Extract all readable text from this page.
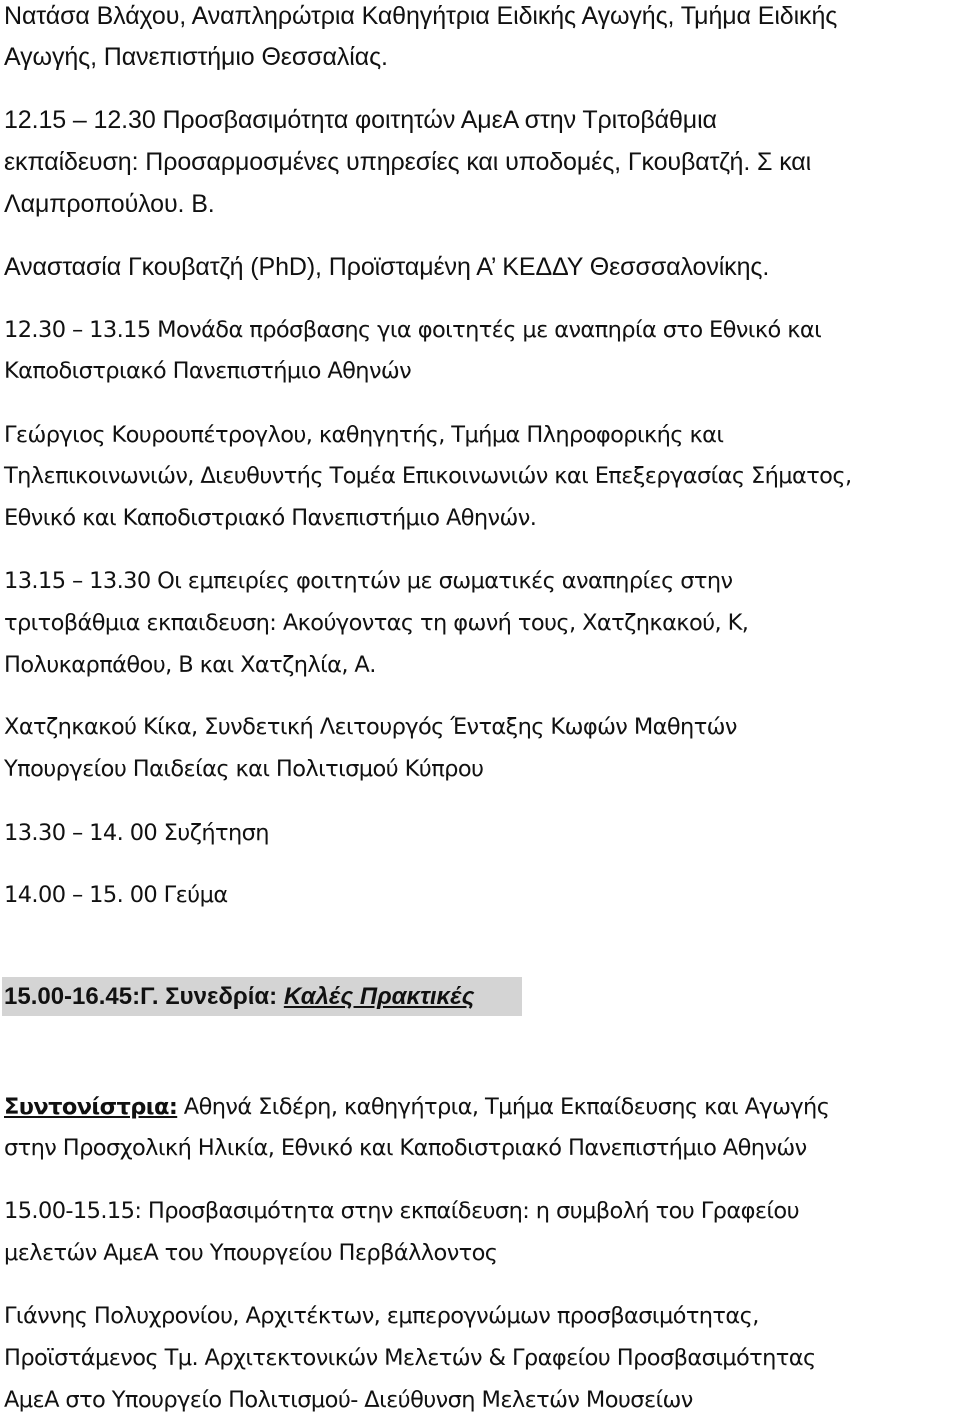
Νατάσα Βλάχου, Αναπληρώτρια Καθηγήτρια Ειδικής Αγωγής, Τμήμα Ειδικής
Αγωγής, Πανεπιστήμιο Θεσσαλίας.
12.15 – 12.30 Προσβασιμότητα φοιτητών ΑμεΑ στην Τριτοβάθμια
εκπαίδευση: Προσαρμοσμένες υπηρεσίες και υποδομές, Γκουβατζή. Σ και
Λαμπροπούλου. Β.
Αναστασία Γκουβατζή (PhD), Προϊσταμένη Α’ ΚΕΔΔΥ Θεσσσαλονίκης.
12.30 – 13.15 Μονάδα πρόσβασης για φοιτητές με αναπηρία στο Εθνικό και
Καποδιστριακό Πανεπιστήμιο Αθηνών
Γεώργιος Κουρουπέτρογλου, καθηγητής, Τμήμα Πληροφορικής και
Τηλεπικοινωνιών, Διευθυντής Τομέα Επικοινωνιών και Επεξεργασίας Σήματος,
Εθνικό και Καποδιστριακό Πανεπιστήμιο Αθηνών.
13.15 – 13.30 Οι εμπειρίες φοιτητών με σωματικές αναπηρίες στην
τριτοβάθμια εκπαιδευση: Ακούγοντας τη φωνή τους, Χατζηκακού, Κ,
Πολυκαρπάθου, Β και Χατζηλία, Α.
Χατζηκακού Κίκα, Συνδετική Λειτουργός Ένταξης Κωφών Μαθητών
Υπουργείου Παιδείας και Πολιτισμού Κύπρου
13.30 – 14. 00 Συζήτηση
14.00 – 15. 00 Γεύμα
15.00-16.45:Γ. Συνεδρία: Καλές Πρακτικές
Συντονίστρια: Αθηνά Σιδέρη, καθηγήτρια, Τμήμα Εκπαίδευσης και Αγωγής
στην Προσχολική Ηλικία, Εθνικό και Καποδιστριακό Πανεπιστήμιο Αθηνών
15.00-15.15: Προσβασιμότητα στην εκπαίδευση: η συμβολή του Γραφείου
μελετών ΑμεΑ του Υπουργείου Περβάλλοντος
Γιάννης Πολυχρονίου, Αρχιτέκτων, εμπερογνώμων προσβασιμότητας,
Προϊστάμενος Τμ. Αρχιτεκτονικών Μελετών & Γραφείου Προσβασιμότητας
ΑμεΑ στο Υπουργείο Πολιτισμού- Διεύθυνση Μελετών Μουσείων
